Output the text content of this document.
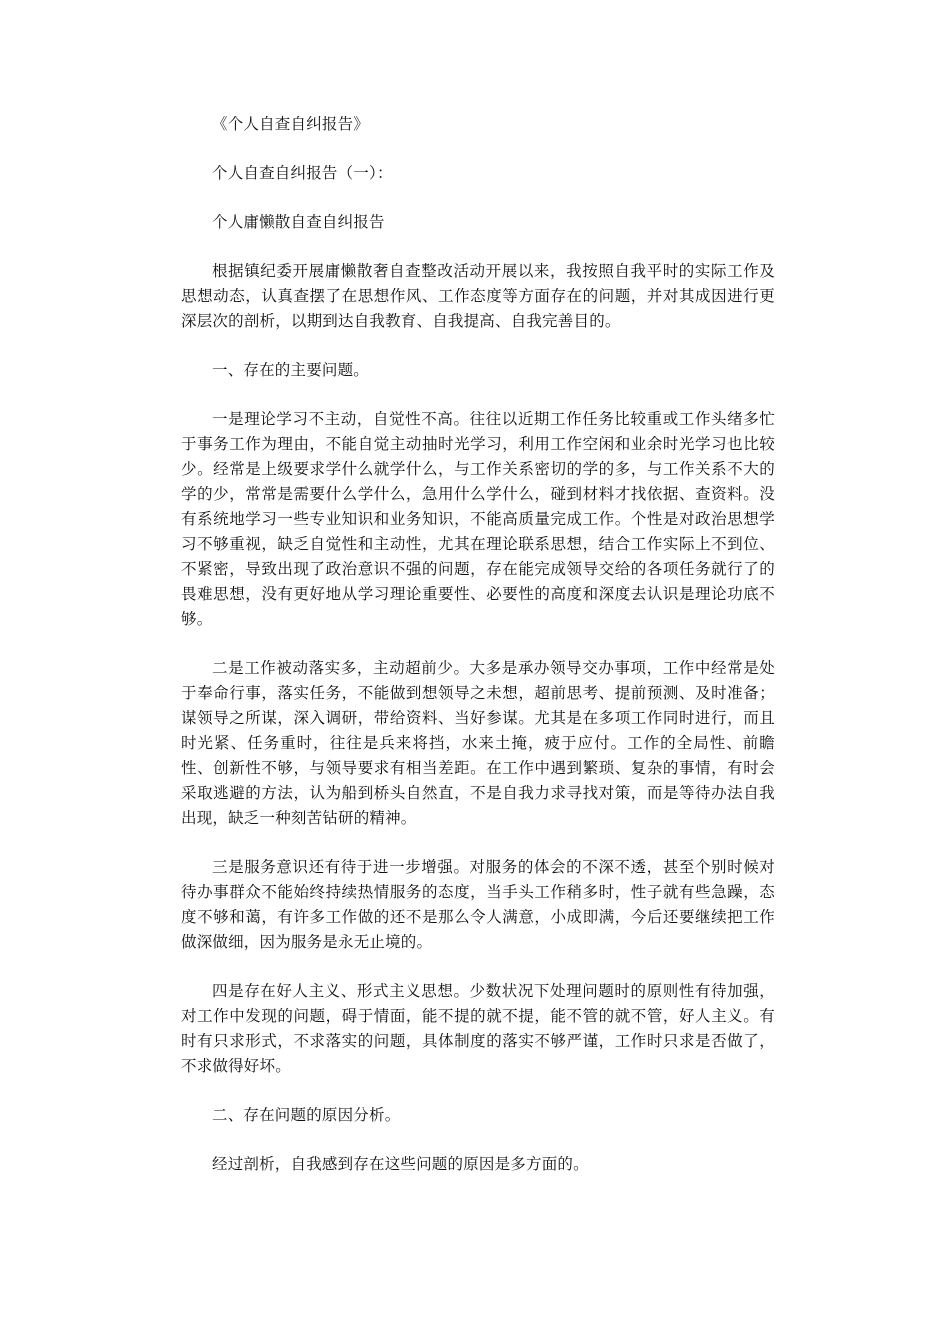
《个人自查自纠报告》

个人自查自纠报告（一）：

个人庸懒散自查自纠报告

根据镇纪委开展庸懒散奢自查整改活动开展以来，我按照自我平时的实际工作及思想动态，认真查摆了在思想作风、工作态度等方面存在的问题，并对其成因进行更深层次的剖析，以期到达自我教育、自我提高、自我完善目的。

一、存在的主要问题。

一是理论学习不主动，自觉性不高。往往以近期工作任务比较重或工作头绪多忙于事务工作为理由，不能自觉主动抽时光学习，利用工作空闲和业余时光学习也比较少。经常是上级要求学什么就学什么，与工作关系密切的学的多，与工作关系不大的学的少，常常是需要什么学什么，急用什么学什么，碰到材料才找依据、查资料。没有系统地学习一些专业知识和业务知识，不能高质量完成工作。个性是对政治思想学习不够重视，缺乏自觉性和主动性，尤其在理论联系思想，结合工作实际上不到位、不紧密，导致出现了政治意识不强的问题，存在能完成领导交给的各项任务就行了的畏难思想，没有更好地从学习理论重要性、必要性的高度和深度去认识是理论功底不够。

二是工作被动落实多，主动超前少。大多是承办领导交办事项，工作中经常是处于奉命行事，落实任务，不能做到想领导之未想，超前思考、提前预测、及时准备；谋领导之所谋，深入调研，带给资料、当好参谋。尤其是在多项工作同时进行，而且时光紧、任务重时，往往是兵来将挡，水来土掩，疲于应付。工作的全局性、前瞻性、创新性不够，与领导要求有相当差距。在工作中遇到繁琐、复杂的事情，有时会采取逃避的方法，认为船到桥头自然直，不是自我力求寻找对策，而是等待办法自我出现，缺乏一种刻苦钻研的精神。

三是服务意识还有待于进一步增强。对服务的体会的不深不透，甚至个别时候对待办事群众不能始终持续热情服务的态度，当手头工作稍多时，性子就有些急躁，态度不够和蔼，有许多工作做的还不是那么令人满意，小成即满，今后还要继续把工作做深做细，因为服务是永无止境的。

四是存在好人主义、形式主义思想。少数状况下处理问题时的原则性有待加强，对工作中发现的问题，碍于情面，能不提的就不提，能不管的就不管，好人主义。有时有只求形式，不求落实的问题，具体制度的落实不够严谨，工作时只求是否做了，不求做得好坏。

二、存在问题的原因分析。

经过剖析，自我感到存在这些问题的原因是多方面的。
